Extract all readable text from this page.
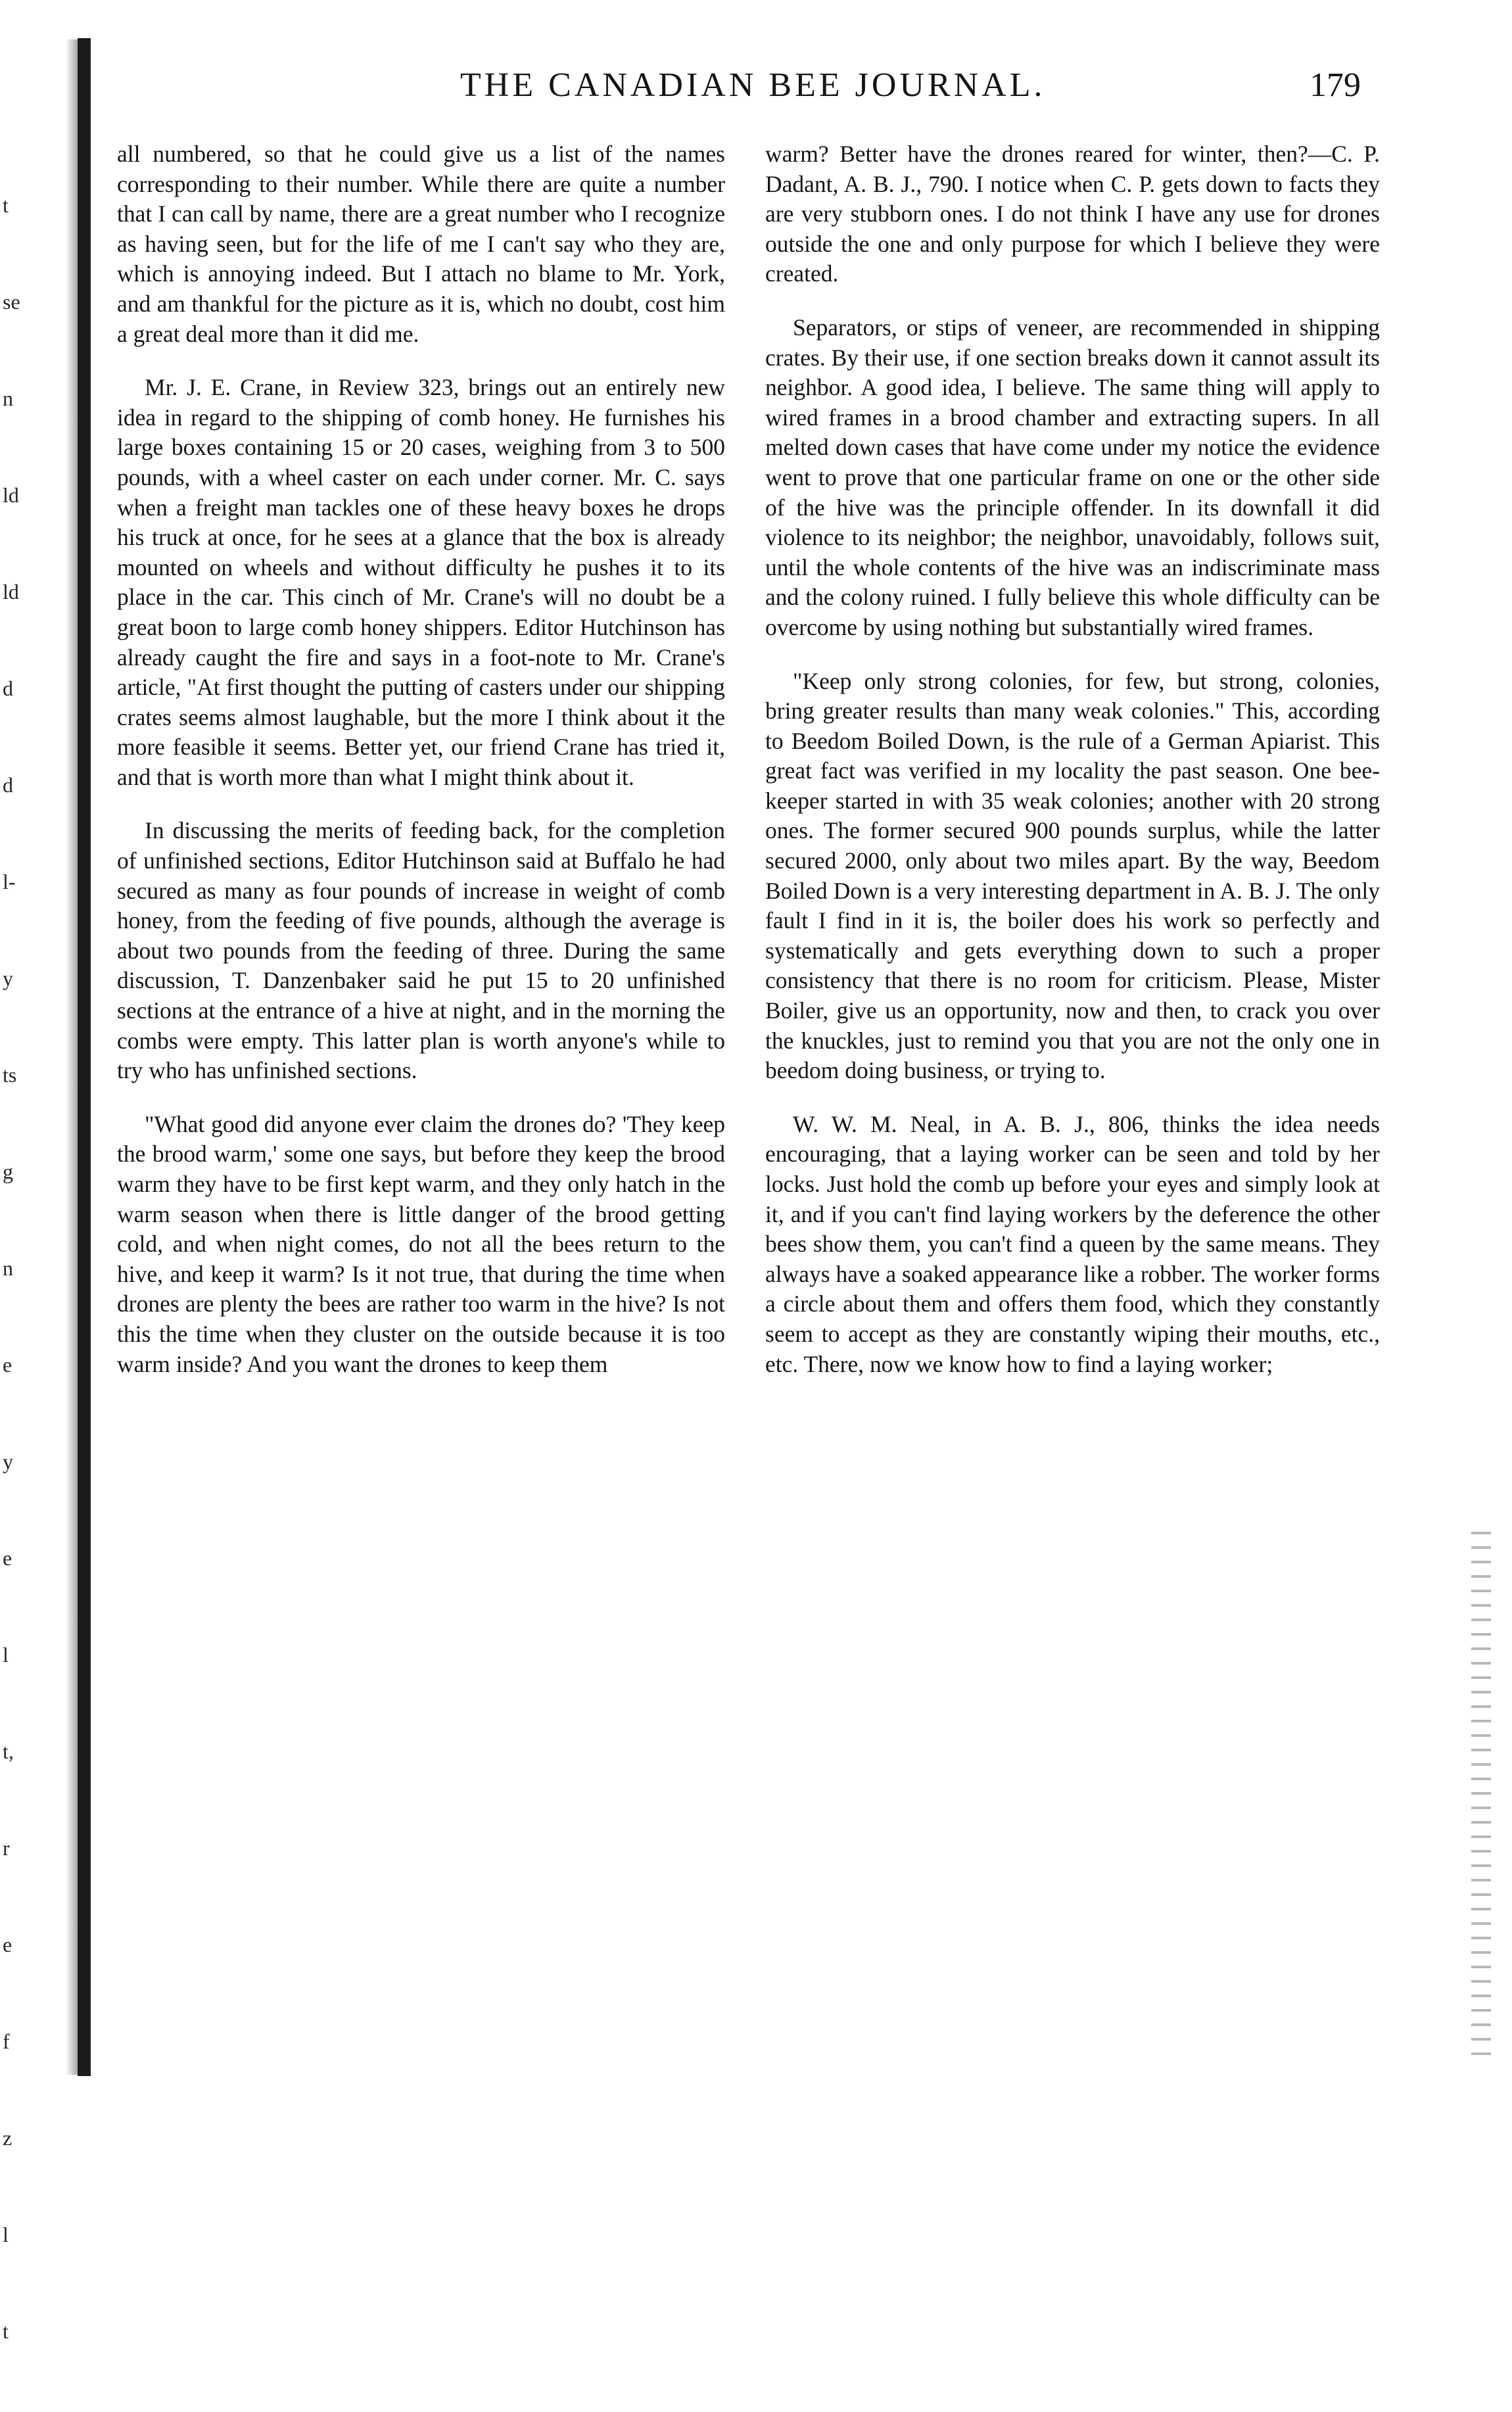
t

se

n

ld

ld

d

d

l-

y

ts

g

n

e

y

e

l

t,

r

e

f

z

l

t

THE CANADIAN BEE JOURNAL.	179

all numbered, so that he could give us a list of the names corresponding to their number. While there are quite a number that I can call by name, there are a great number who I recognize as having seen, but for the life of me I can't say who they are, which is annoying indeed. But I attach no blame to Mr. York, and am thankful for the picture as it is, which no doubt, cost him a great deal more than it did me.

Mr. J. E. Crane, in Review 323, brings out an entirely new idea in regard to the shipping of comb honey. He furnishes his large boxes containing 15 or 20 cases, weighing from 3 to 500 pounds, with a wheel caster on each under corner. Mr. C. says when a freight man tackles one of these heavy boxes he drops his truck at once, for he sees at a glance that the box is already mounted on wheels and without difficulty he pushes it to its place in the car. This cinch of Mr. Crane's will no doubt be a great boon to large comb honey shippers. Editor Hutchinson has already caught the fire and says in a foot-note to Mr. Crane's article, "At first thought the putting of casters under our shipping crates seems almost laughable, but the more I think about it the more feasible it seems. Better yet, our friend Crane has tried it, and that is worth more than what I might think about it.

In discussing the merits of feeding back, for the completion of unfinished sections, Editor Hutchinson said at Buffalo he had secured as many as four pounds of increase in weight of comb honey, from the feeding of five pounds, although the average is about two pounds from the feeding of three. During the same discussion, T. Danzenbaker said he put 15 to 20 unfinished sections at the entrance of a hive at night, and in the morning the combs were empty. This latter plan is worth anyone's while to try who has unfinished sections.

"What good did anyone ever claim the drones do? 'They keep the brood warm,' some one says, but before they keep the brood warm they have to be first kept warm, and they only hatch in the warm season when there is little danger of the brood getting cold, and when night comes, do not all the bees return to the hive, and keep it warm? Is it not true, that during the time when drones are plenty the bees are rather too warm in the hive? Is not this the time when they cluster on the outside because it is too warm inside? And you want the drones to keep them

warm? Better have the drones reared for winter, then?—C. P. Dadant, A. B. J., 790. I notice when C. P. gets down to facts they are very stubborn ones. I do not think I have any use for drones outside the one and only purpose for which I believe they were created.

Separators, or stips of veneer, are recommended in shipping crates. By their use, if one section breaks down it cannot assult its neighbor. A good idea, I believe. The same thing will apply to wired frames in a brood chamber and extracting supers. In all melted down cases that have come under my notice the evidence went to prove that one particular frame on one or the other side of the hive was the principle offender. In its downfall it did violence to its neighbor; the neighbor, unavoidably, follows suit, until the whole contents of the hive was an indiscriminate mass and the colony ruined. I fully believe this whole difficulty can be overcome by using nothing but substantially wired frames.

"Keep only strong colonies, for few, but strong, colonies, bring greater results than many weak colonies." This, according to Beedom Boiled Down, is the rule of a German Apiarist. This great fact was verified in my locality the past season. One bee-keeper started in with 35 weak colonies; another with 20 strong ones. The former secured 900 pounds surplus, while the latter secured 2000, only about two miles apart. By the way, Beedom Boiled Down is a very interesting department in A. B. J. The only fault I find in it is, the boiler does his work so perfectly and systematically and gets everything down to such a proper consistency that there is no room for criticism. Please, Mister Boiler, give us an opportunity, now and then, to crack you over the knuckles, just to remind you that you are not the only one in beedom doing business, or trying to.

W. W. M. Neal, in A. B. J., 806, thinks the idea needs encouraging, that a laying worker can be seen and told by her locks. Just hold the comb up before your eyes and simply look at it, and if you can't find laying workers by the deference the other bees show them, you can't find a queen by the same means. They always have a soaked appearance like a robber. The worker forms a circle about them and offers them food, which they constantly seem to accept as they are constantly wiping their mouths, etc., etc. There, now we know how to find a laying worker;
